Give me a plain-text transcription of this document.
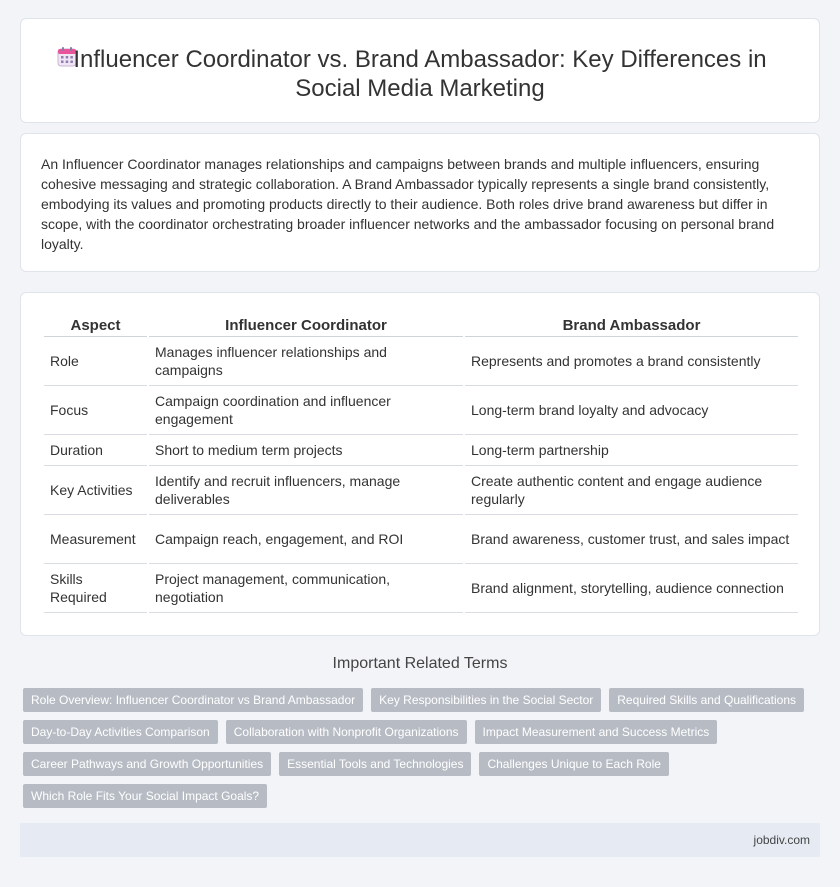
Influencer Coordinator vs. Brand Ambassador: Key Differences in Social Media Marketing

An Influencer Coordinator manages relationships and campaigns between brands and multiple influencers, ensuring cohesive messaging and strategic collaboration. A Brand Ambassador typically represents a single brand consistently, embodying its values and promoting products directly to their audience. Both roles drive brand awareness but differ in scope, with the coordinator orchestrating broader influencer networks and the ambassador focusing on personal brand loyalty.

Aspect	Influencer Coordinator	Brand Ambassador
Role	Manages influencer relationships and campaigns	Represents and promotes a brand consistently
Focus	Campaign coordination and influencer engagement	Long-term brand loyalty and advocacy
Duration	Short to medium term projects	Long-term partnership
Key Activities	Identify and recruit influencers, manage deliverables	Create authentic content and engage audience regularly
Measurement	Campaign reach, engagement, and ROI	Brand awareness, customer trust, and sales impact
Skills Required	Project management, communication, negotiation	Brand alignment, storytelling, audience connection
Important Related Terms
Role Overview: Influencer Coordinator vs Brand Ambassador	Key Responsibilities in the Social Sector	Required Skills and Qualifications
Day-to-Day Activities Comparison	Collaboration with Nonprofit Organizations	Impact Measurement and Success Metrics
Career Pathways and Growth Opportunities	Essential Tools and Technologies	Challenges Unique to Each Role
Which Role Fits Your Social Impact Goals?
jobdiv.com
